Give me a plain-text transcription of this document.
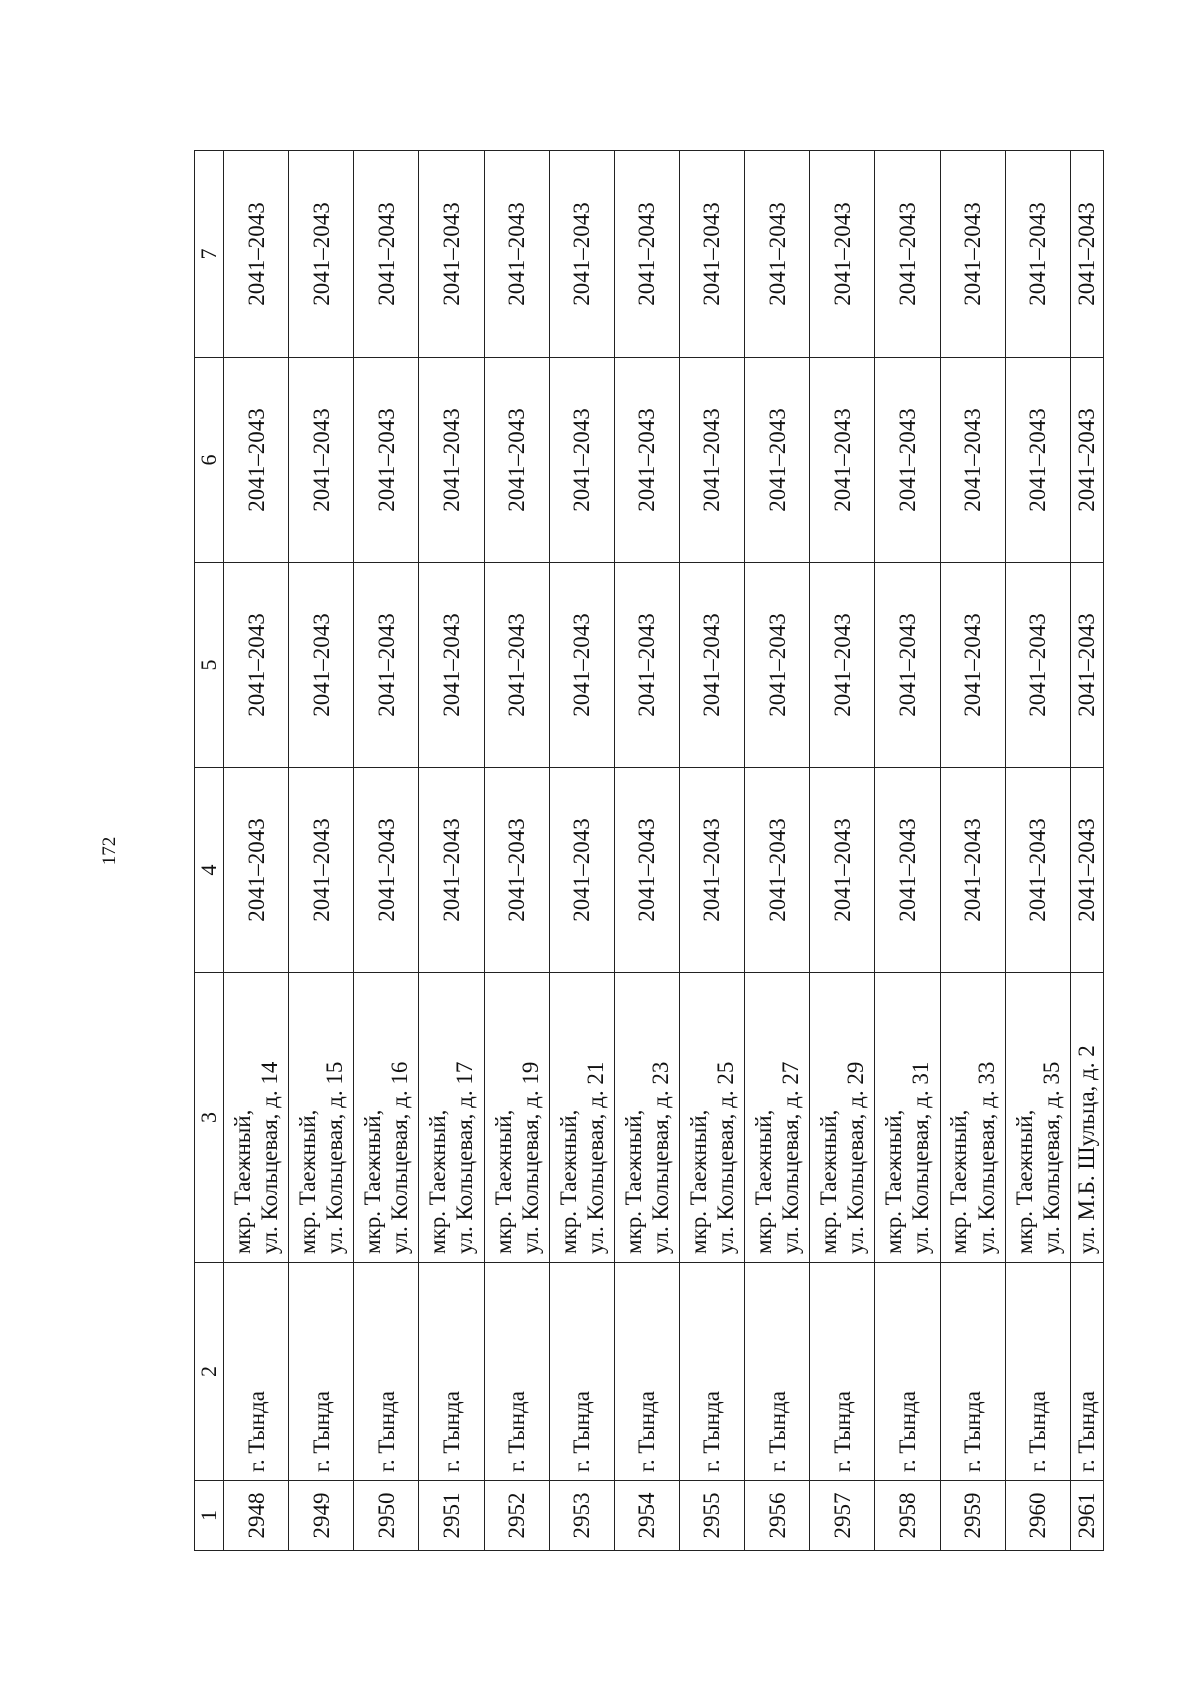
172
1	2	3	4	5	6	7
2948	г. Тында	мкр. Таежный, ул. Кольцевая, д. 14	2041–2043	2041–2043	2041–2043	2041–2043
2949	г. Тында	мкр. Таежный, ул. Кольцевая, д. 15	2041–2043	2041–2043	2041–2043	2041–2043
2950	г. Тында	мкр. Таежный, ул. Кольцевая, д. 16	2041–2043	2041–2043	2041–2043	2041–2043
2951	г. Тында	мкр. Таежный, ул. Кольцевая, д. 17	2041–2043	2041–2043	2041–2043	2041–2043
2952	г. Тында	мкр. Таежный, ул. Кольцевая, д. 19	2041–2043	2041–2043	2041–2043	2041–2043
2953	г. Тында	мкр. Таежный, ул. Кольцевая, д. 21	2041–2043	2041–2043	2041–2043	2041–2043
2954	г. Тында	мкр. Таежный, ул. Кольцевая, д. 23	2041–2043	2041–2043	2041–2043	2041–2043
2955	г. Тында	мкр. Таежный, ул. Кольцевая, д. 25	2041–2043	2041–2043	2041–2043	2041–2043
2956	г. Тында	мкр. Таежный, ул. Кольцевая, д. 27	2041–2043	2041–2043	2041–2043	2041–2043
2957	г. Тында	мкр. Таежный, ул. Кольцевая, д. 29	2041–2043	2041–2043	2041–2043	2041–2043
2958	г. Тында	мкр. Таежный, ул. Кольцевая, д. 31	2041–2043	2041–2043	2041–2043	2041–2043
2959	г. Тында	мкр. Таежный, ул. Кольцевая, д. 33	2041–2043	2041–2043	2041–2043	2041–2043
2960	г. Тында	мкр. Таежный, ул. Кольцевая, д. 35	2041–2043	2041–2043	2041–2043	2041–2043
2961	г. Тында	ул. М.Б. Шульца, д. 2	2041–2043	2041–2043	2041–2043	2041–2043
